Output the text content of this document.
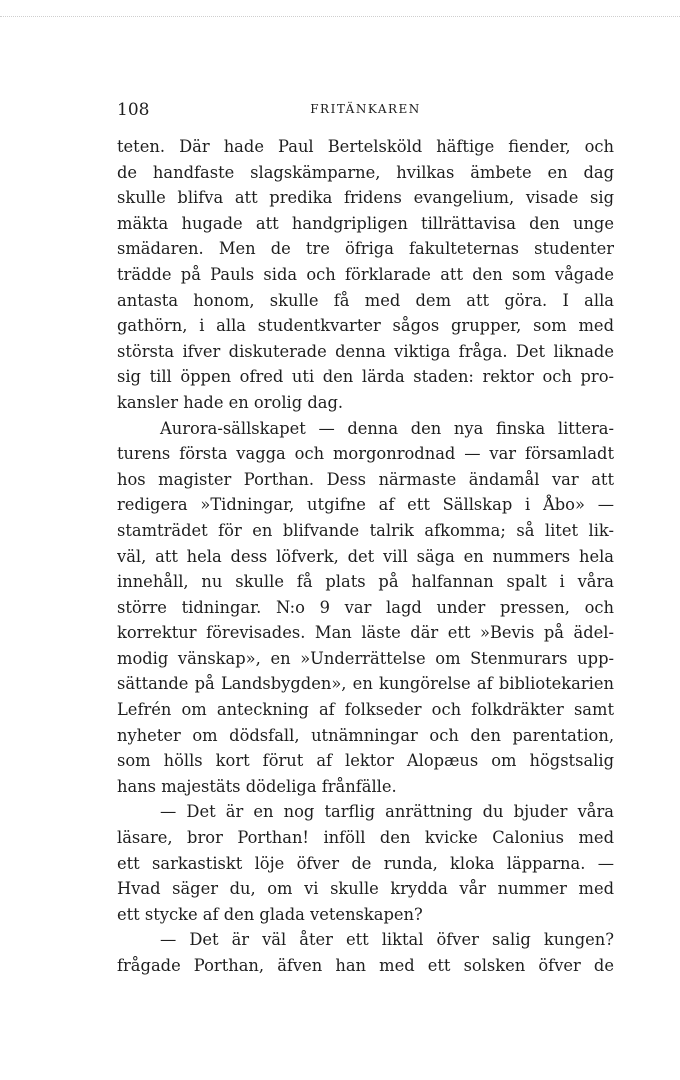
108	FRITÄNKAREN
teten. Där hade Paul Bertelsköld häftige fiender, och
de handfaste slagskämparne, hvilkas ämbete en dag
skulle blifva att predika fridens evangelium, visade sig
mäkta hugade att handgripligen tillrättavisa den unge
smädaren. Men de tre öfriga fakulteternas studenter
trädde på Pauls sida och förklarade att den som vågade
antasta honom, skulle få med dem att göra. I alla
gathörn, i alla studentkvarter sågos grupper, som med
största ifver diskuterade denna viktiga fråga. Det liknade
sig till öppen ofred uti den lärda staden: rektor och pro-
kansler hade en orolig dag.
Aurora-sällskapet — denna den nya finska littera-
turens första vagga och morgonrodnad — var församladt
hos magister Porthan. Dess närmaste ändamål var att
redigera »Tidningar, utgifne af ett Sällskap i Åbo» —
stamträdet för en blifvande talrik afkomma; så litet lik-
väl, att hela dess löfverk, det vill säga en nummers hela
innehåll, nu skulle få plats på halfannan spalt i våra
större tidningar. N:o 9 var lagd under pressen, och
korrektur förevisades. Man läste där ett »Bevis på ädel-
modig vänskap», en »Underrättelse om Stenmurars upp-
sättande på Landsbygden», en kungörelse af bibliotekarien
Lefrén om anteckning af folkseder och folkdräkter samt
nyheter om dödsfall, utnämningar och den parentation,
som hölls kort förut af lektor Alopæus om högstsalig
hans majestäts dödeliga frånfälle.
— Det är en nog tarflig anrättning du bjuder våra
läsare, bror Porthan! inföll den kvicke Calonius med
ett sarkastiskt löje öfver de runda, kloka läpparna. —
Hvad säger du, om vi skulle krydda vår nummer med
ett stycke af den glada vetenskapen?
— Det är väl åter ett liktal öfver salig kungen?
frågade Porthan, äfven han med ett solsken öfver de
